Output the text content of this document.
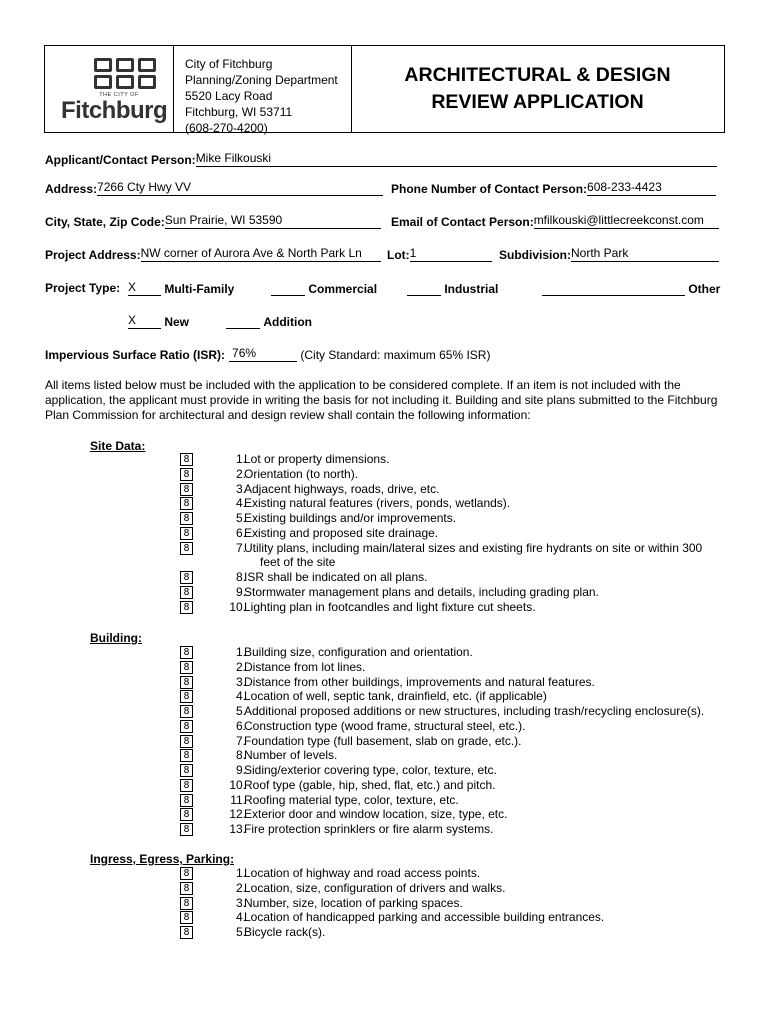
THE CITY OF
Fitchburg
City of Fitchburg
Planning/Zoning Department
5520 Lacy Road
Fitchburg, WI 53711
(608-270-4200)
ARCHITECTURAL & DESIGN
REVIEW APPLICATION
Applicant/Contact Person: Mike Filkouski
Address: 7266 Cty Hwy VV	Phone Number of Contact Person: 608-233-4423
City, State, Zip Code: Sun Prairie, WI 53590	Email of Contact Person: mfilkouski@littlecreekconst.com
Project Address: NW corner of Aurora Ave & North Park Ln Lot: 1	Subdivision: North Park
Project Type: X Multi-Family	Commercial	Industrial	Other
X New	Addition
Impervious Surface Ratio (ISR): 76%	(City Standard: maximum 65% ISR)
All items listed below must be included with the application to be considered complete. If an item is not included with the application, the applicant must provide in writing the basis for not including it. Building and site plans submitted to the Fitchburg Plan Commission for architectural and design review shall contain the following information:
Site Data:
8	1.
Lot or property dimensions.
8	2.
Orientation (to north).
8	3.
Adjacent highways, roads, drive, etc.
8	4.
Existing natural features (rivers, ponds, wetlands).
8	5.
Existing buildings and/or improvements.
8	6.
Existing and proposed site drainage.
8	7.
Utility plans, including main/lateral sizes and existing fire hydrants on site or within 300
feet of the site
8	8.
ISR shall be indicated on all plans.
8	9.
Stormwater management plans and details, including grading plan.
8	10.
Lighting plan in footcandles and light fixture cut sheets.
Building:
8	1.
Building size, configuration and orientation.
8	2.
Distance from lot lines.
8	3.
Distance from other buildings, improvements and natural features.
8	4.
Location of well, septic tank, drainfield, etc. (if applicable)
8	5.
Additional proposed additions or new structures, including trash/recycling enclosure(s).
8	6.
Construction type (wood frame, structural steel, etc.).
8	7.
Foundation type (full basement, slab on grade, etc.).
8	8.
Number of levels.
8	9.
Siding/exterior covering type, color, texture, etc.
8	10.
Roof type (gable, hip, shed, flat, etc.) and pitch.
8	11.
Roofing material type, color, texture, etc.
8	12.
Exterior door and window location, size, type, etc.
8	13.
Fire protection sprinklers or fire alarm systems.
Ingress, Egress, Parking:
8	1.
Location of highway and road access points.
8	2.
Location, size, configuration of drivers and walks.
8	3.
Number, size, location of parking spaces.
8	4.
Location of handicapped parking and accessible building entrances.
8	5.
Bicycle rack(s).
